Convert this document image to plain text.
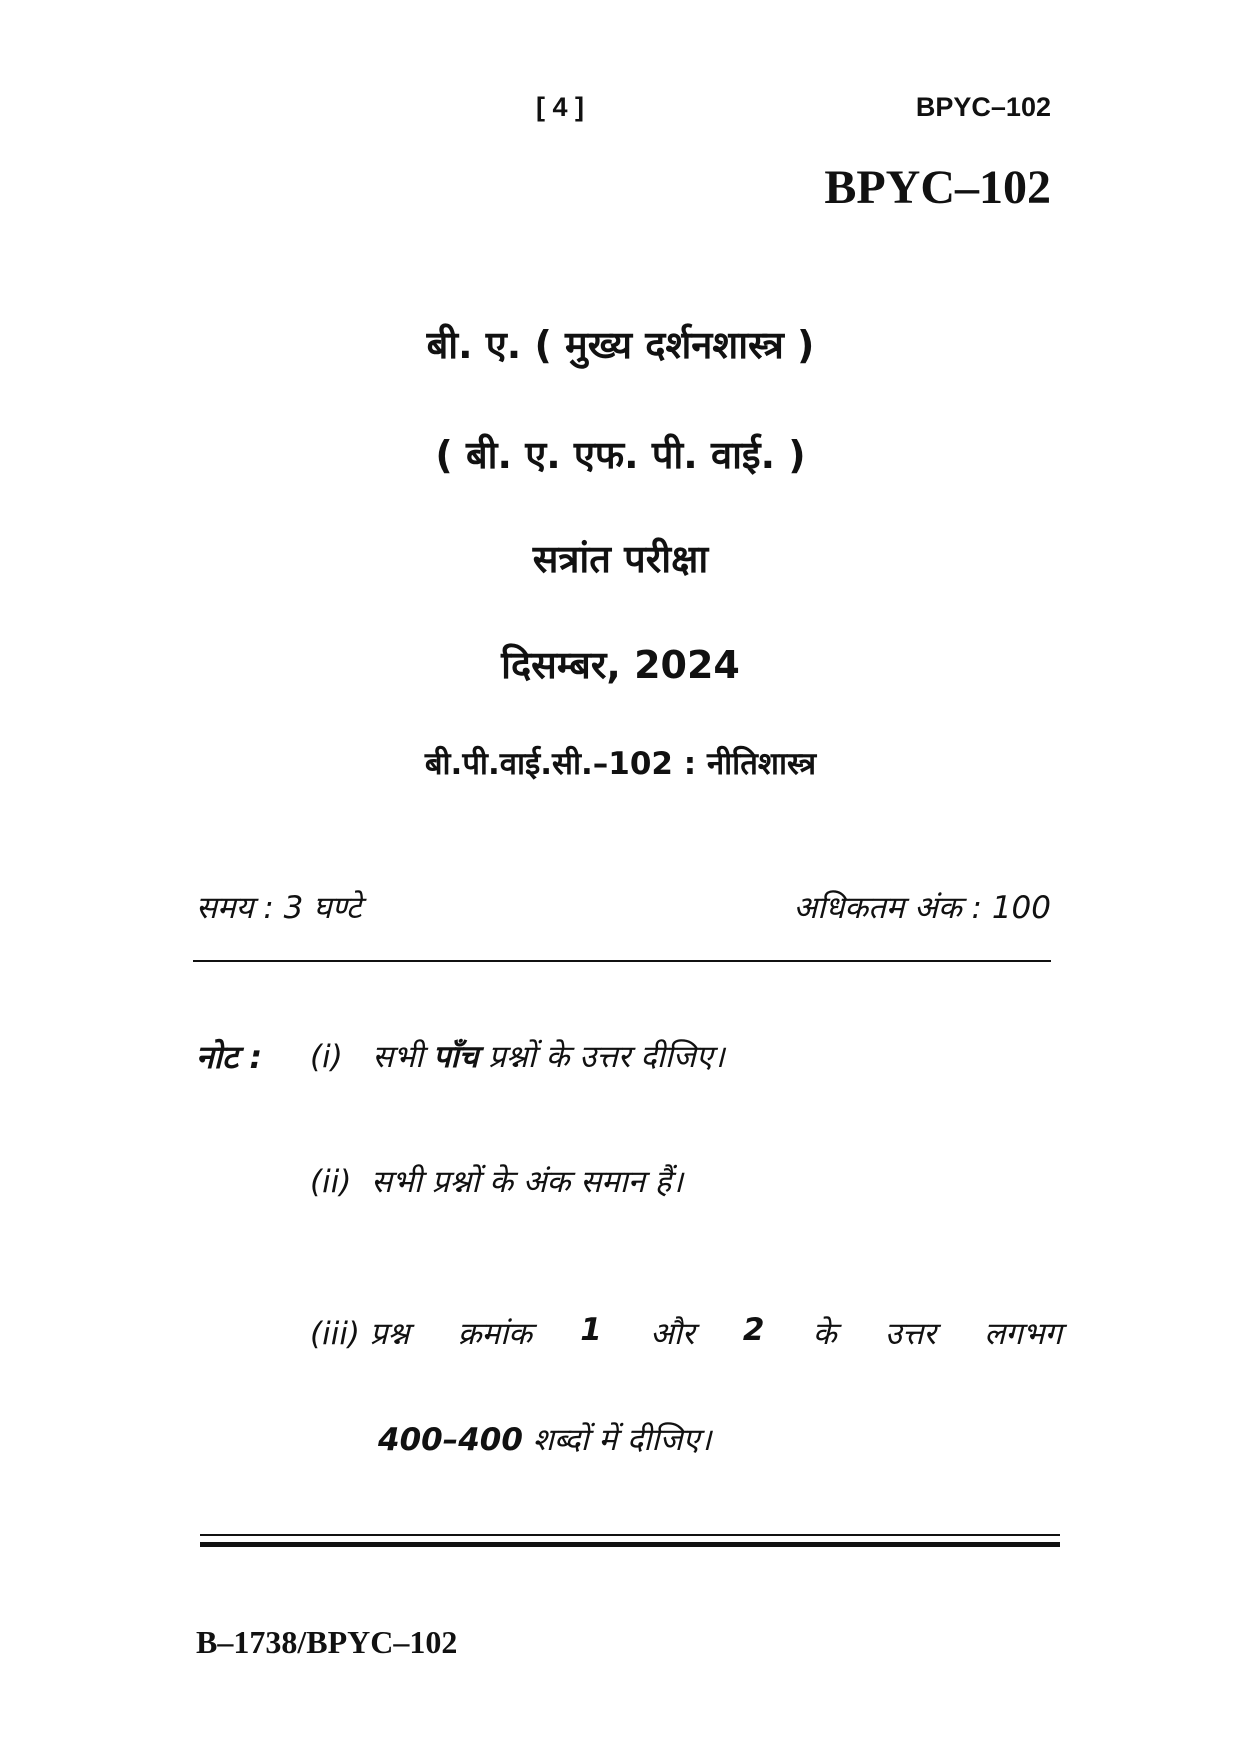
[ 4 ]	BPYC–102
BPYC–102
बी. ए. ( मुख्य दर्शनशास्त्र )
( बी. ए. एफ. पी. वाई. )
सत्रांत परीक्षा
दिसम्बर, 2024
बी.पी.वाई.सी.–102 : नीतिशास्त्र
समय : 3 घण्टे	अधिकतम अंक : 100
नोट : (i) सभी पाँच प्रश्नों के उत्तर दीजिए।
(ii) सभी प्रश्नों के अंक समान हैं।
(iii) प्रश्न क्रमांक 1 और 2 के उत्तर लगभग
400–400 शब्दों में दीजिए।
B–1738/BPYC–102
